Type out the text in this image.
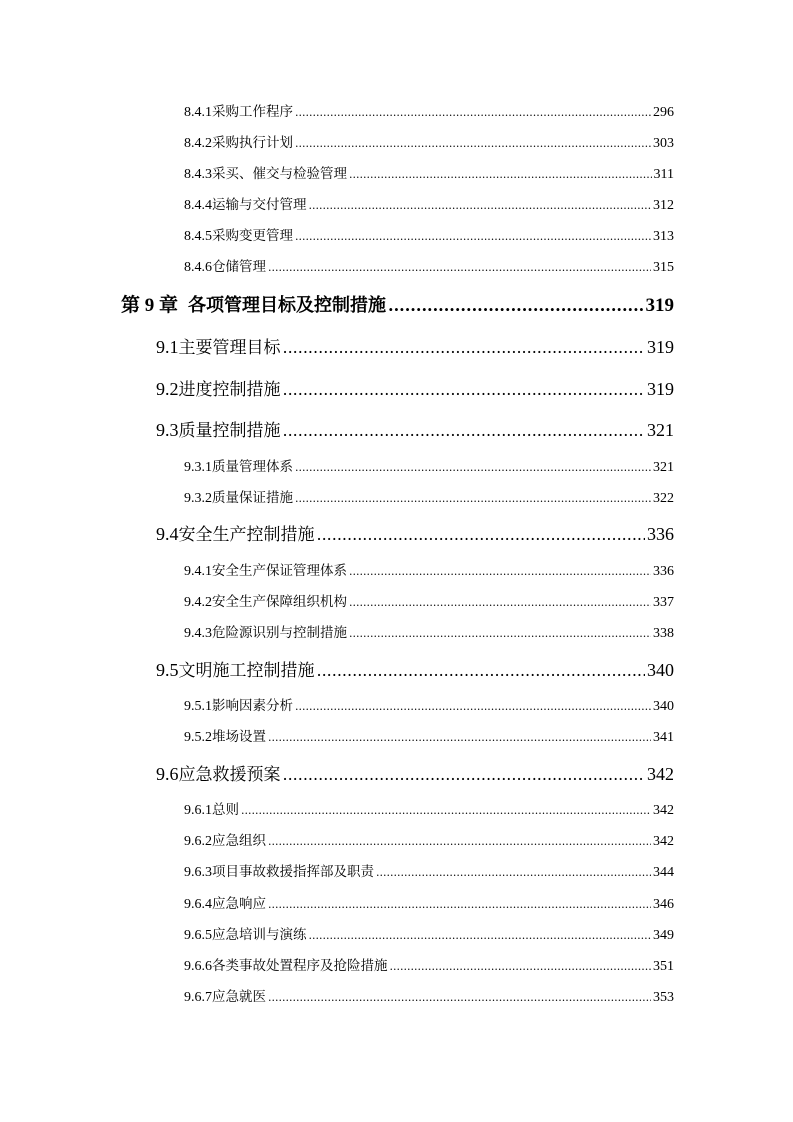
8.4.1 采购工作程序 .....	296
8.4.2 采购执行计划 .....	303
8.4.3 采买、催交与检验管理 .....	311
8.4.4 运输与交付管理 .....	312
8.4.5 采购变更管理 .....	313
8.4.6 仓储管理 .....	315
第 9 章 各项管理目标及控制措施 .....	319
9.1 主要管理目标 .....	319
9.2 进度控制措施 .....	319
9.3 质量控制措施 .....	321
9.3.1 质量管理体系 .....	321
9.3.2 质量保证措施 .....	322
9.4 安全生产控制措施 .....	336
9.4.1 安全生产保证管理体系 .....	336
9.4.2 安全生产保障组织机构 .....	337
9.4.3 危险源识别与控制措施 .....	338
9.5 文明施工控制措施 .....	340
9.5.1 影响因素分析 .....	340
9.5.2 堆场设置 .....	341
9.6 应急救援预案 .....	342
9.6.1 总则 .....	342
9.6.2 应急组织 .....	342
9.6.3 项目事故救援指挥部及职责 .....	344
9.6.4 应急响应 .....	346
9.6.5 应急培训与演练 .....	349
9.6.6 各类事故处置程序及抢险措施 .....	351
9.6.7 应急就医 .....	353
